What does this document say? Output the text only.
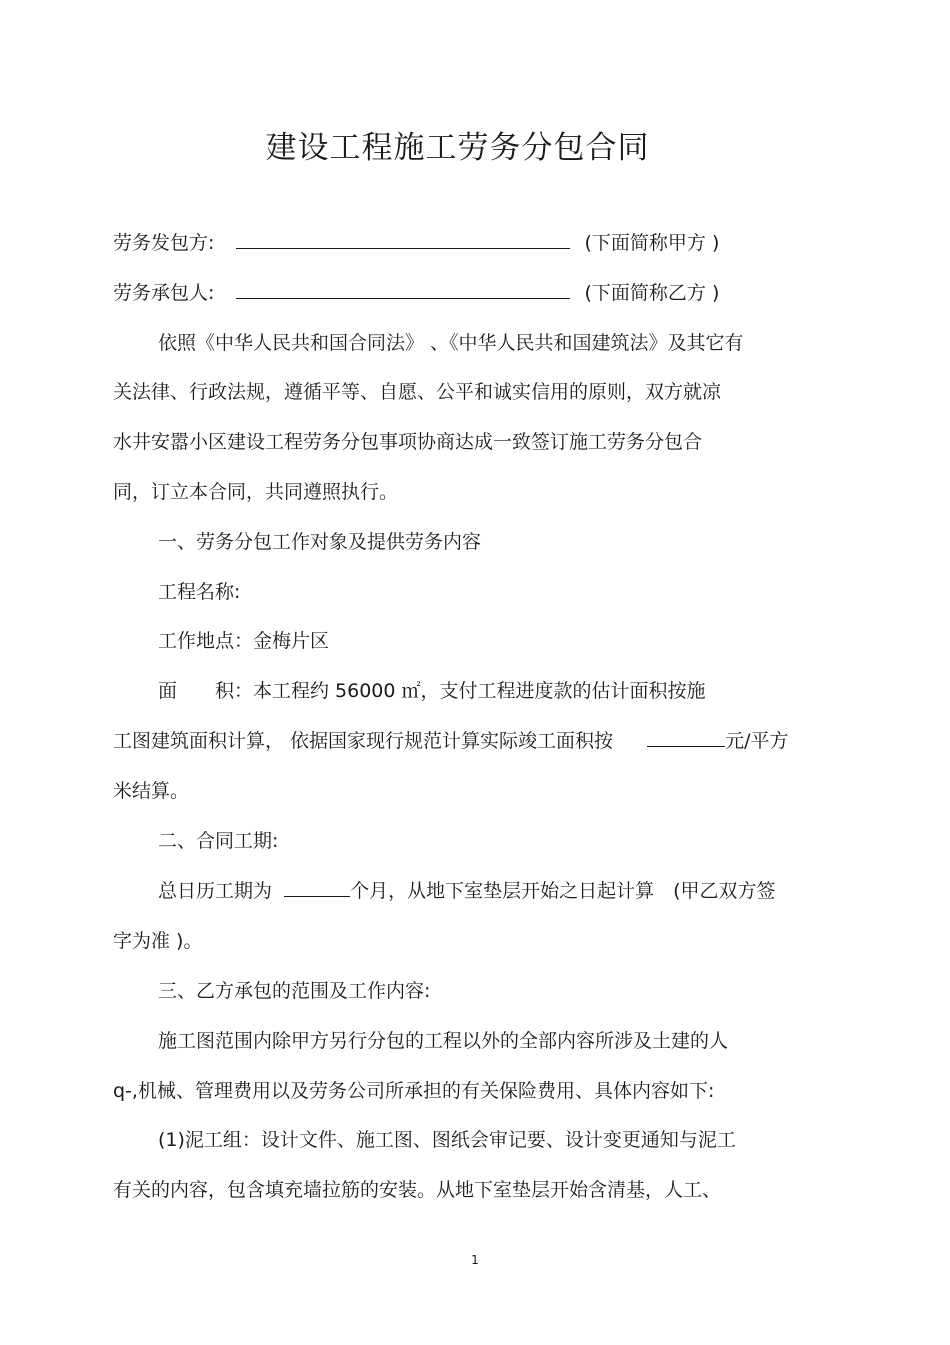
建设工程施工劳务分包合同
劳务发包方:	(下面简称甲方 )
劳务承包人:	(下面简称乙方 )
依照《中华人民共和国合同法》 、《中华人民共和国建筑法》及其它有
关法律、行政法规，遵循平等、自愿、公平和诚实信用的原则，双方就凉
水井安嚣小区建设工程劳务分包事项协商达成一致签订施工劳务分包合
同，订立本合同，共同遵照执行。
一、劳务分包工作对象及提供劳务内容
工程名称:
工作地点：金梅片区
面　　积：本工程约 56000 ㎡，支付工程进度款的估计面积按施
工图建筑面积计算， 依据国家现行规范计算实际竣工面积按	元/平方
米结算。
二、合同工期:
总日历工期为	个月，从地下室垫层开始之日起计算　(甲乙双方签
字为准 )。
三、乙方承包的范围及工作内容:
施工图范围内除甲方另行分包的工程以外的全部内容所涉及土建的人
q-,机械、管理费用以及劳务公司所承担的有关保险费用、具体内容如下:
(1)泥工组：设计文件、施工图、图纸会审记要、设计变更通知与泥工
有关的内容，包含填充墙拉筋的安装。从地下室垫层开始含清基，人工、
1
